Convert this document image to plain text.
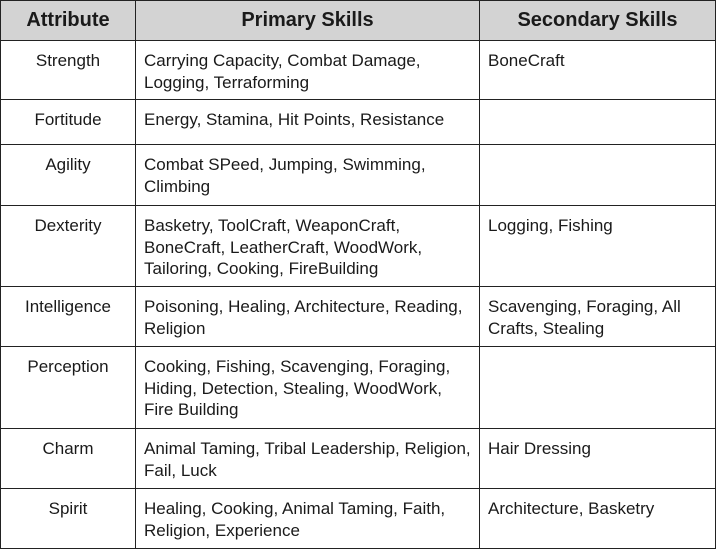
Attribute	Primary Skills	Secondary Skills
Strength	Carrying Capacity, Combat Damage, Logging, Terraforming	BoneCraft
Fortitude	Energy, Stamina, Hit Points, Resistance	
Agility	Combat SPeed, Jumping, Swimming, Climbing	
Dexterity	Basketry, ToolCraft, WeaponCraft, BoneCraft, LeatherCraft, WoodWork, Tailoring, Cooking, FireBuilding	Logging, Fishing
Intelligence	Poisoning, Healing, Architecture, Reading, Religion	Scavenging, Foraging, All Crafts, Stealing
Perception	Cooking, Fishing, Scavenging, Foraging, Hiding, Detection, Stealing, WoodWork, Fire Building	
Charm	Animal Taming, Tribal Leadership, Religion, Fail, Luck	Hair Dressing
Spirit	Healing, Cooking, Animal Taming, Faith, Religion, Experience	Architecture, Basketry
